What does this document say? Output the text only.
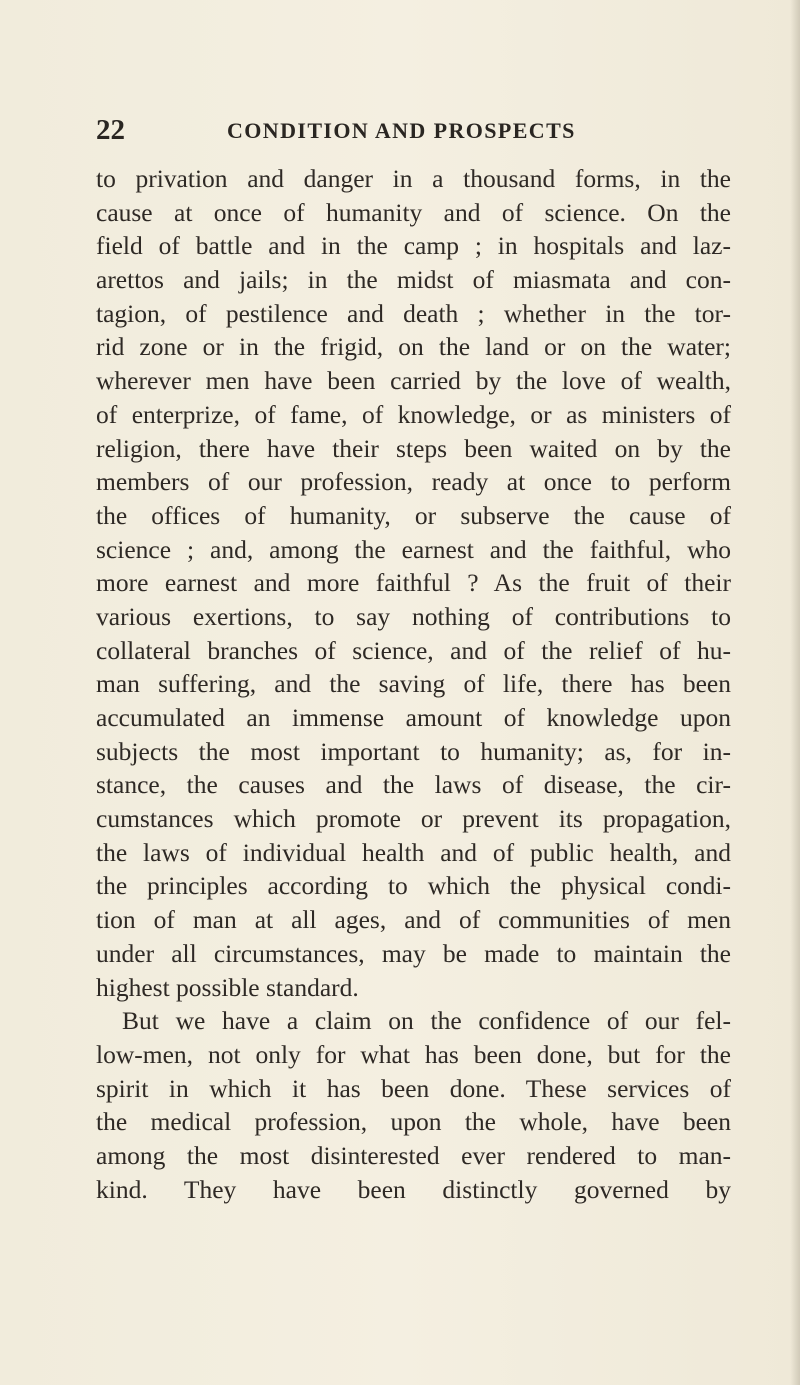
22	CONDITION AND PROSPECTS
to privation and danger in a thousand forms, in the
cause at once of humanity and of science. On the
field of battle and in the camp ; in hospitals and laz-
arettos and jails; in the midst of miasmata and con-
tagion, of pestilence and death ; whether in the tor-
rid zone or in the frigid, on the land or on the water;
wherever men have been carried by the love of wealth,
of enterprize, of fame, of knowledge, or as ministers of
religion, there have their steps been waited on by the
members of our profession, ready at once to perform
the offices of humanity, or subserve the cause of
science ; and, among the earnest and the faithful, who
more earnest and more faithful ? As the fruit of their
various exertions, to say nothing of contributions to
collateral branches of science, and of the relief of hu-
man suffering, and the saving of life, there has been
accumulated an immense amount of knowledge upon
subjects the most important to humanity; as, for in-
stance, the causes and the laws of disease, the cir-
cumstances which promote or prevent its propagation,
the laws of individual health and of public health, and
the principles according to which the physical condi-
tion of man at all ages, and of communities of men
under all circumstances, may be made to maintain the
highest possible standard.
But we have a claim on the confidence of our fel-
low-men, not only for what has been done, but for the
spirit in which it has been done. These services of
the medical profession, upon the whole, have been
among the most disinterested ever rendered to man-
kind. They have been distinctly governed by
